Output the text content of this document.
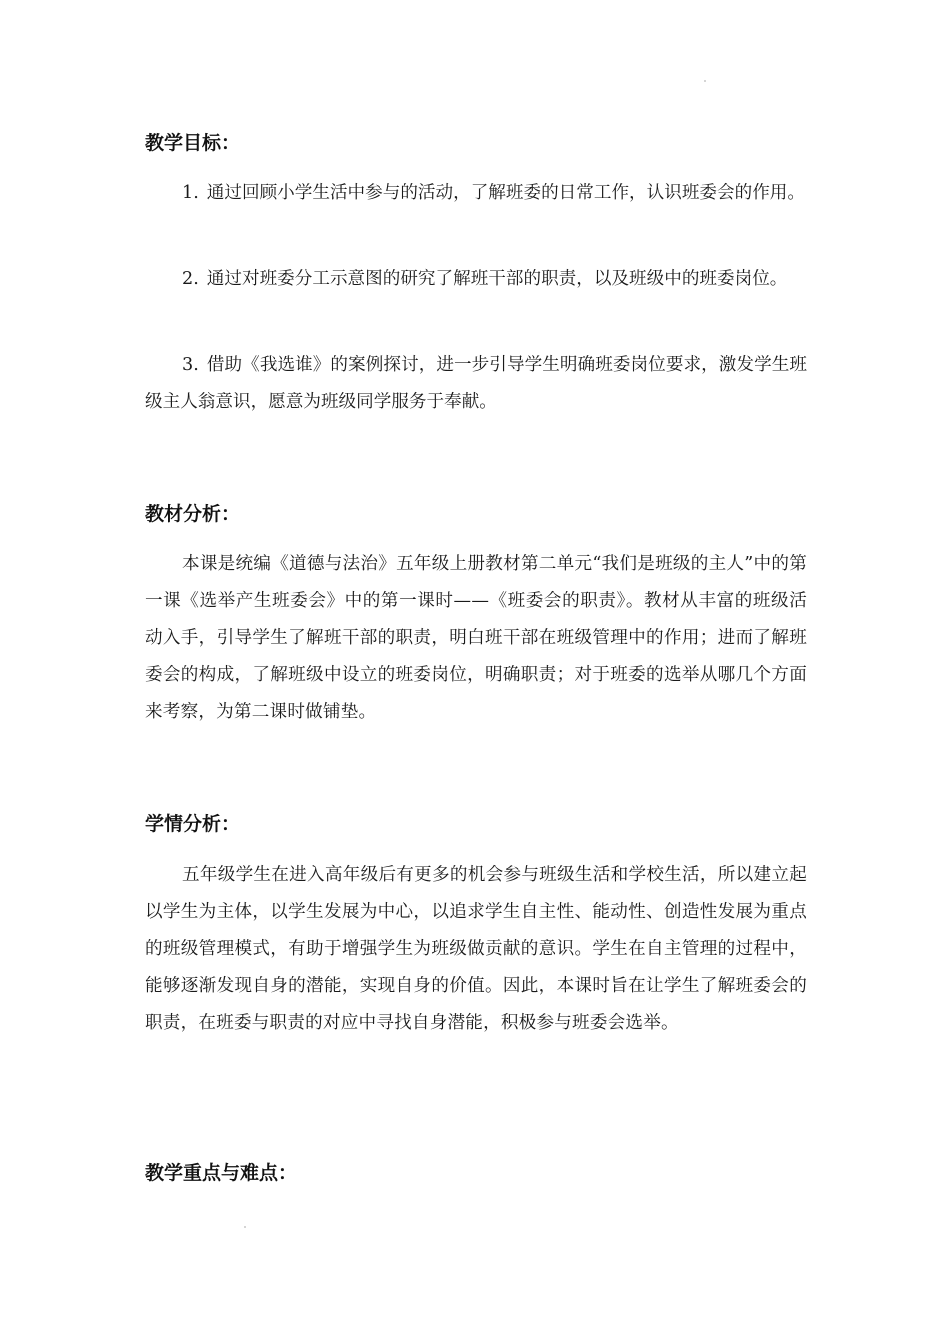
教学目标：

1. 通过回顾小学生活中参与的活动，了解班委的日常工作，认识班委会的作用。

2. 通过对班委分工示意图的研究了解班干部的职责，以及班级中的班委岗位。

3. 借助《我选谁》的案例探讨，进一步引导学生明确班委岗位要求，激发学生班级主人翁意识，愿意为班级同学服务于奉献。

教材分析：

本课是统编《道德与法治》五年级上册教材第二单元“我们是班级的主人”中的第一课《选举产生班委会》中的第一课时——《班委会的职责》。教材从丰富的班级活动入手，引导学生了解班干部的职责，明白班干部在班级管理中的作用；进而了解班委会的构成，了解班级中设立的班委岗位，明确职责；对于班委的选举从哪几个方面来考察，为第二课时做铺垫。

学情分析：

五年级学生在进入高年级后有更多的机会参与班级生活和学校生活，所以建立起以学生为主体，以学生发展为中心，以追求学生自主性、能动性、创造性发展为重点的班级管理模式，有助于增强学生为班级做贡献的意识。学生在自主管理的过程中，能够逐渐发现自身的潜能，实现自身的价值。因此，本课时旨在让学生了解班委会的职责，在班委与职责的对应中寻找自身潜能，积极参与班委会选举。

教学重点与难点：
